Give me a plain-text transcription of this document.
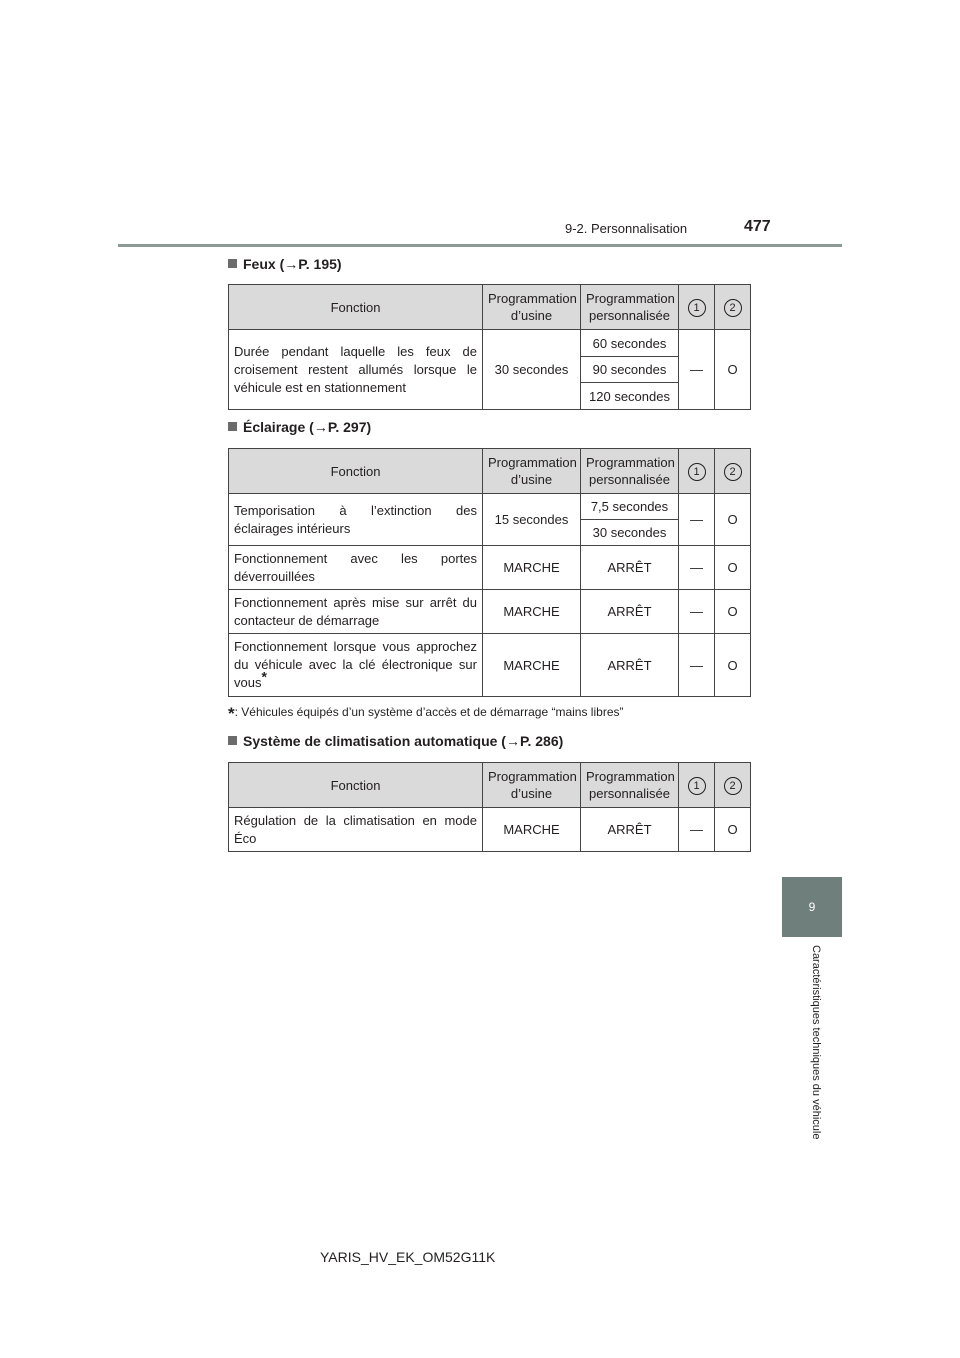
9-2. Personnalisation	477
9
Caractéristiques techniques du véhicule
Feux (→P. 195)
Fonction	Programmation d’usine	Programmation personnalisée	1	2
Durée pendant laquelle les feux de croisement restent allumés lorsque le véhicule est en stationnement	30 secondes	60 secondes	—	O
		90 secondes		
		120 secondes		
Éclairage (→P. 297)
Fonction	Programmation d’usine	Programmation personnalisée	1	2
Temporisation à l’extinction des éclairages intérieurs	15 secondes	7,5 secondes	—	O
		30 secondes		
Fonctionnement avec les portes déverrouillées	MARCHE	ARRÊT	—	O
Fonctionnement après mise sur arrêt du contacteur de démarrage	MARCHE	ARRÊT	—	O
Fonctionnement lorsque vous approchez du véhicule avec la clé électronique sur vous*	MARCHE	ARRÊT	—	O
*: Véhicules équipés d’un système d’accès et de démarrage “mains libres”
Système de climatisation automatique (→P. 286)
Fonction	Programmation d’usine	Programmation personnalisée	1	2
Régulation de la climatisation en mode Éco	MARCHE	ARRÊT	—	O
YARIS_HV_EK_OM52G11K
